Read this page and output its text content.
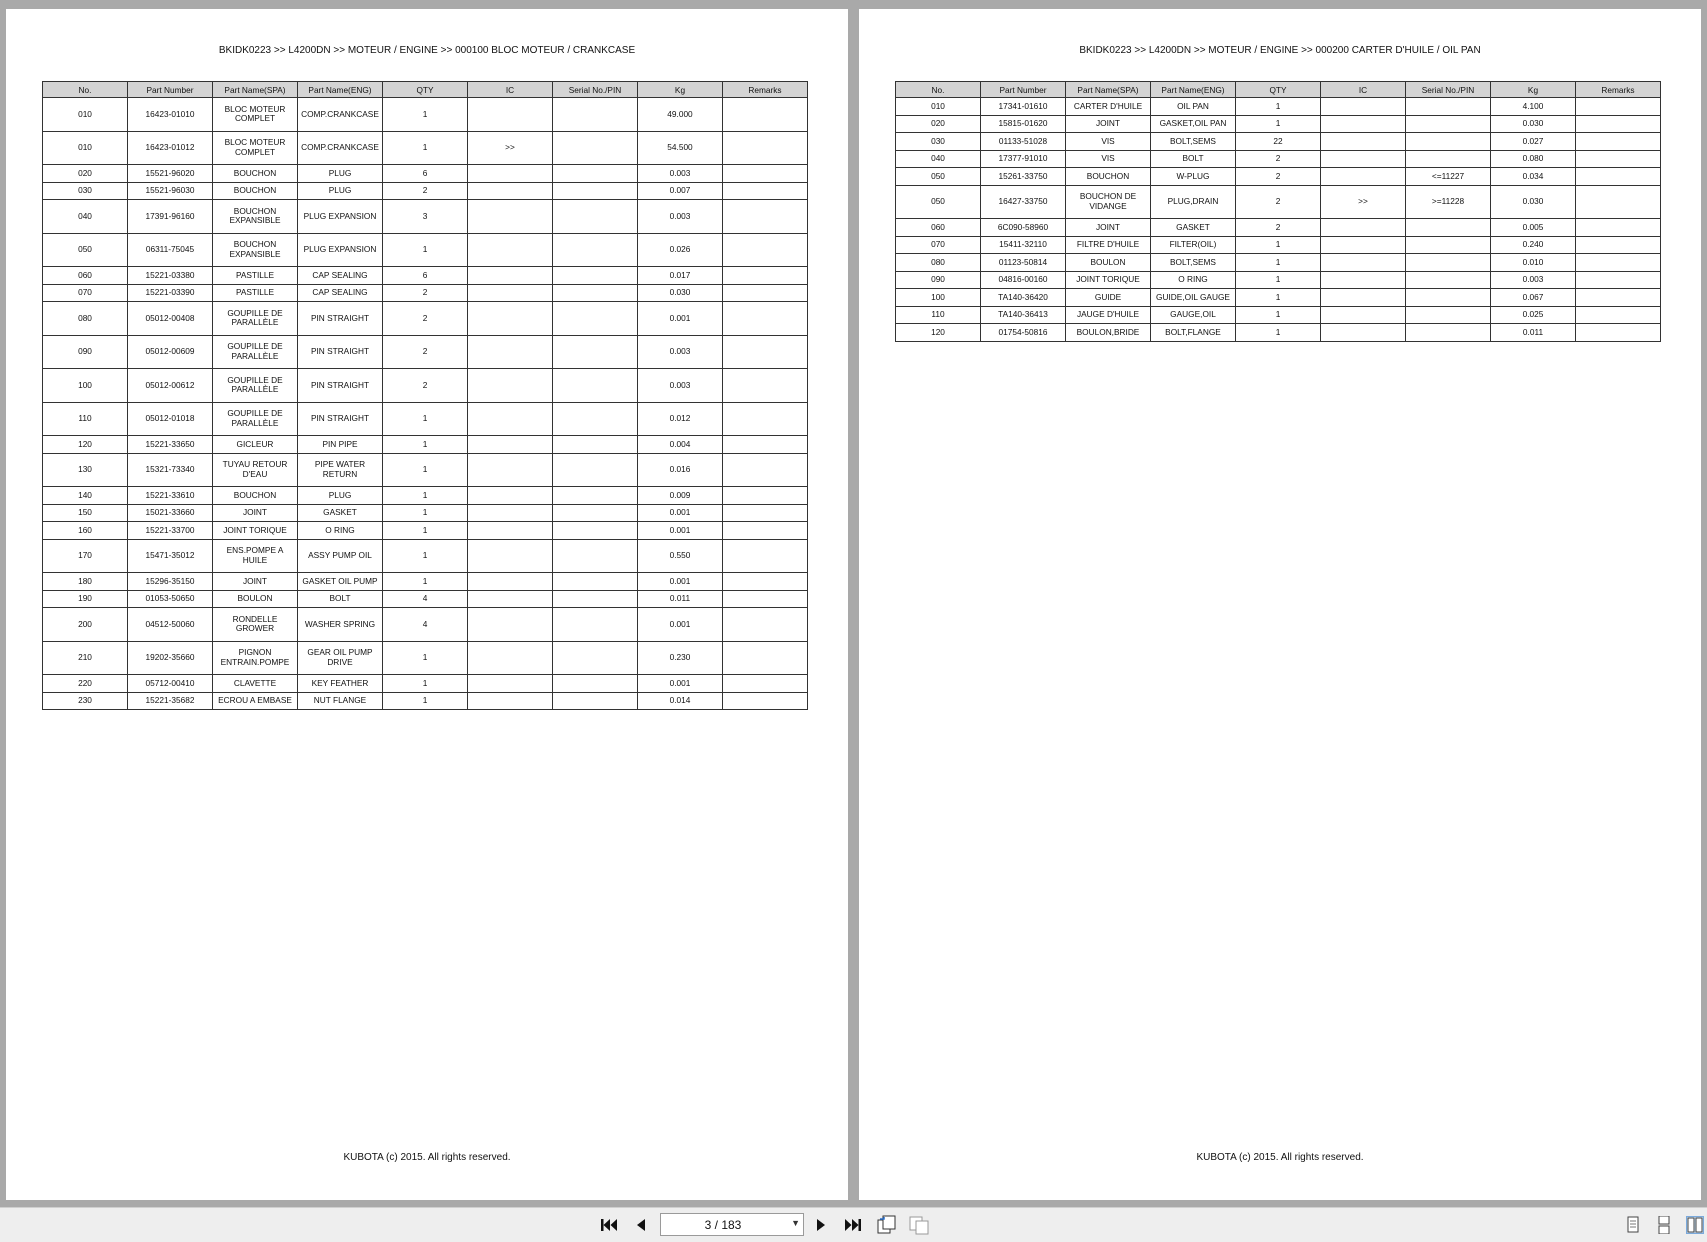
BKIDK0223 >> L4200DN >> MOTEUR / ENGINE >> 000100 BLOC MOTEUR / CRANKCASE
No.	Part Number	Part Name(SPA)	Part Name(ENG)	QTY	IC	Serial No./PIN	Kg	Remarks
010	16423-01010	BLOC MOTEUR COMPLET	COMP.CRANKCASE	1			49.000	
010	16423-01012	BLOC MOTEUR COMPLET	COMP.CRANKCASE	1	>>		54.500	
020	15521-96020	BOUCHON	PLUG	6			0.003	
030	15521-96030	BOUCHON	PLUG	2			0.007	
040	17391-96160	BOUCHON EXPANSIBLE	PLUG EXPANSION	3			0.003	
050	06311-75045	BOUCHON EXPANSIBLE	PLUG EXPANSION	1			0.026	
060	15221-03380	PASTILLE	CAP SEALING	6			0.017	
070	15221-03390	PASTILLE	CAP SEALING	2			0.030	
080	05012-00408	GOUPILLE DE PARALLÈLE	PIN STRAIGHT	2			0.001	
090	05012-00609	GOUPILLE DE PARALLÈLE	PIN STRAIGHT	2			0.003	
100	05012-00612	GOUPILLE DE PARALLÈLE	PIN STRAIGHT	2			0.003	
110	05012-01018	GOUPILLE DE PARALLÈLE	PIN STRAIGHT	1			0.012	
120	15221-33650	GICLEUR	PIN PIPE	1			0.004	
130	15321-73340	TUYAU RETOUR D'EAU	PIPE WATER RETURN	1			0.016	
140	15221-33610	BOUCHON	PLUG	1			0.009	
150	15021-33660	JOINT	GASKET	1			0.001	
160	15221-33700	JOINT TORIQUE	O RING	1			0.001	
170	15471-35012	ENS.POMPE A HUILE	ASSY PUMP OIL	1			0.550	
180	15296-35150	JOINT	GASKET OIL PUMP	1			0.001	
190	01053-50650	BOULON	BOLT	4			0.011	
200	04512-50060	RONDELLE GROWER	WASHER SPRING	4			0.001	
210	19202-35660	PIGNON ENTRAIN.POMPE	GEAR OIL PUMP DRIVE	1			0.230	
220	05712-00410	CLAVETTE	KEY FEATHER	1			0.001	
230	15221-35682	ECROU A EMBASE	NUT FLANGE	1			0.014	
KUBOTA (c) 2015. All rights reserved.
BKIDK0223 >> L4200DN >> MOTEUR / ENGINE >> 000200 CARTER D'HUILE / OIL PAN
No.	Part Number	Part Name(SPA)	Part Name(ENG)	QTY	IC	Serial No./PIN	Kg	Remarks
010	17341-01610	CARTER D'HUILE	OIL PAN	1			4.100	
020	15815-01620	JOINT	GASKET,OIL PAN	1			0.030	
030	01133-51028	VIS	BOLT,SEMS	22			0.027	
040	17377-91010	VIS	BOLT	2			0.080	
050	15261-33750	BOUCHON	W-PLUG	2		<=11227	0.034	
050	16427-33750	BOUCHON DE VIDANGE	PLUG,DRAIN	2	>>	>=11228	0.030	
060	6C090-58960	JOINT	GASKET	2			0.005	
070	15411-32110	FILTRE D'HUILE	FILTER(OIL)	1			0.240	
080	01123-50814	BOULON	BOLT,SEMS	1			0.010	
090	04816-00160	JOINT TORIQUE	O RING	1			0.003	
100	TA140-36420	GUIDE	GUIDE,OIL GAUGE	1			0.067	
110	TA140-36413	JAUGE D'HUILE	GAUGE,OIL	1			0.025	
120	01754-50816	BOULON,BRIDE	BOLT,FLANGE	1			0.011	
KUBOTA (c) 2015. All rights reserved.
3 / 183	▼
